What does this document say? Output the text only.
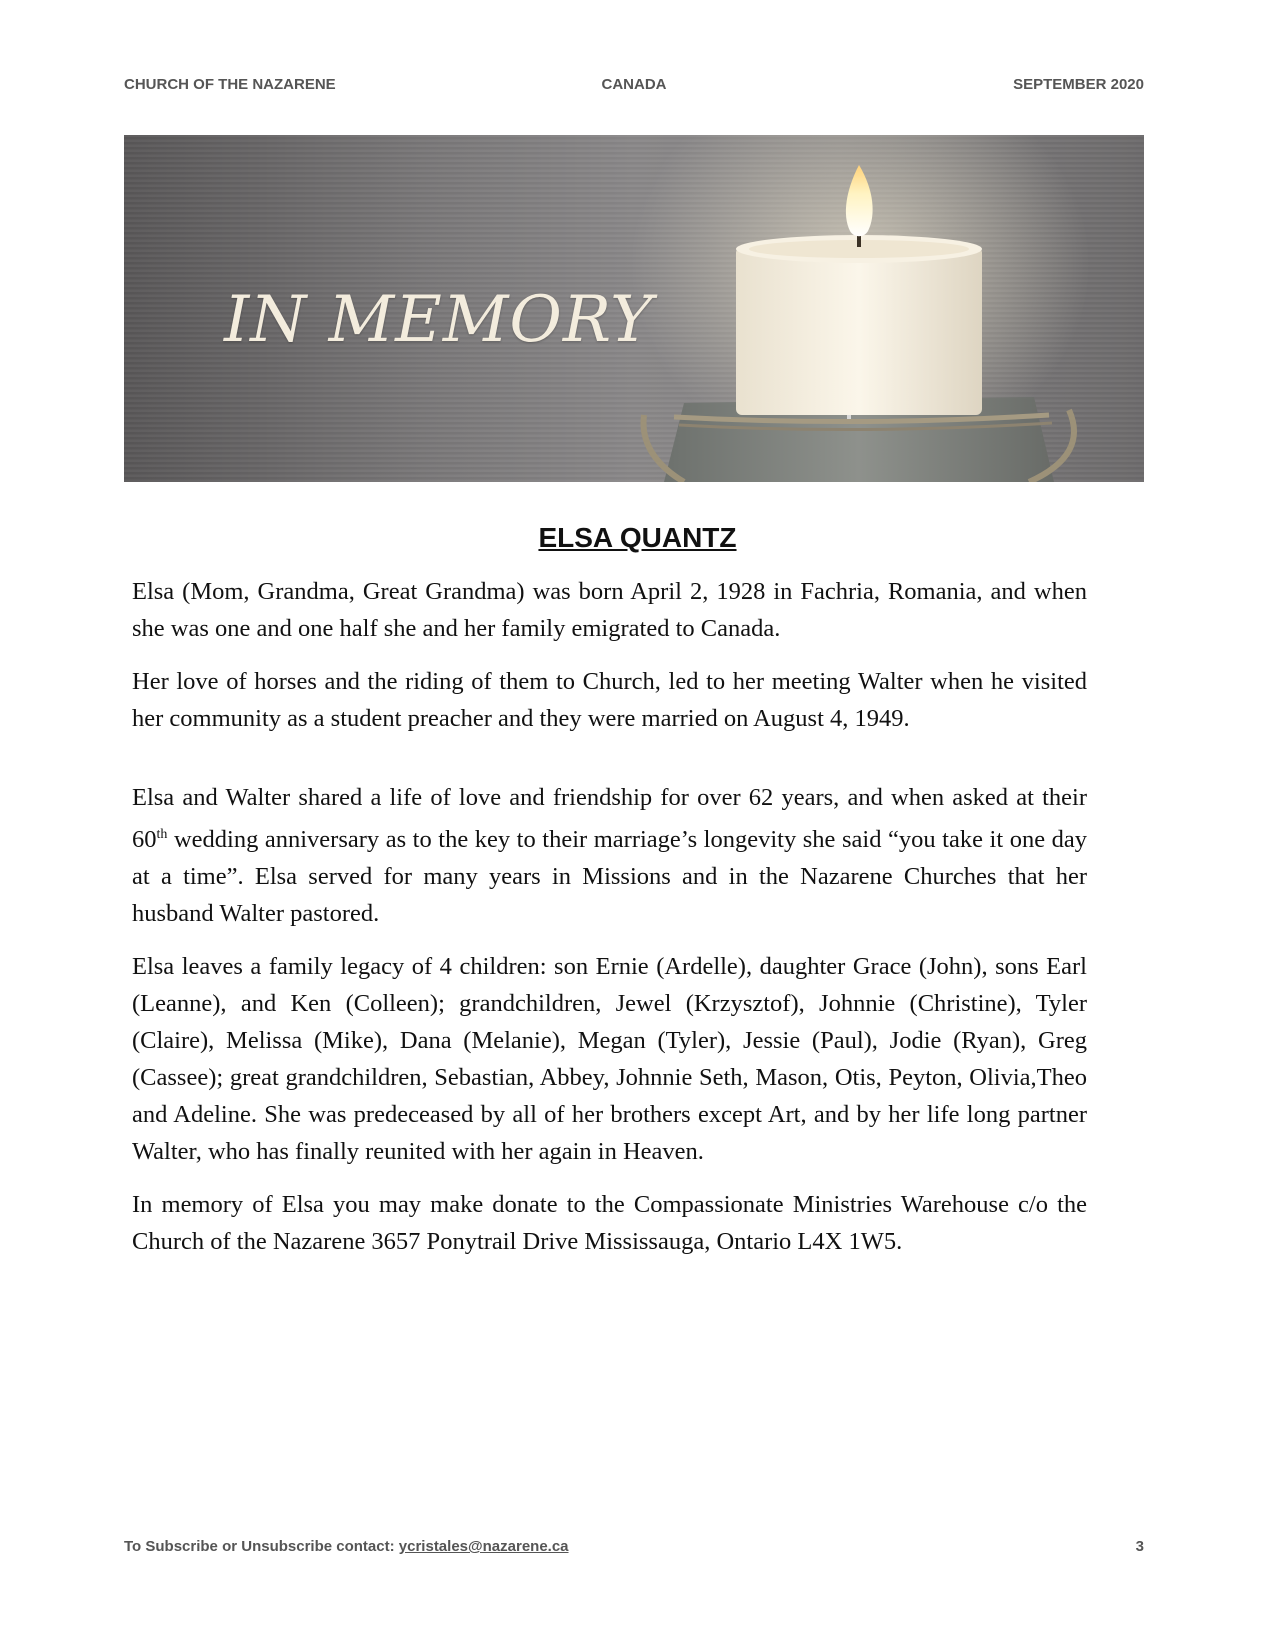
CHURCH OF THE NAZARENE	CANADA	SEPTEMBER 2020
IN MEMORY
ELSA QUANTZ

Elsa (Mom, Grandma, Great Grandma) was born April 2, 1928 in Fachria, Romania, and when she was one and one half she and her family emigrated to Canada.

Her love of horses and the riding of them to Church, led to her meeting Walter when he visited her community as a student preacher and they were married on August 4, 1949.

Elsa and Walter shared a life of love and friendship for over 62 years, and when asked at their 60th wedding anniversary as to the key to their marriage’s longevity she said “you take it one day at a time”. Elsa served for many years in Missions and in the Nazarene Churches that her husband Walter pastored.

Elsa leaves a family legacy of 4 children: son Ernie (Ardelle), daughter Grace (John), sons Earl (Leanne), and Ken (Colleen); grandchildren, Jewel (Krzysztof), Johnnie (Christine), Tyler (Claire), Melissa (Mike), Dana (Melanie), Megan (Tyler), Jessie (Paul), Jodie (Ryan), Greg (Cassee); great grandchildren, Sebastian, Abbey, Johnnie Seth, Mason, Otis, Peyton, Olivia,Theo and Adeline. She was predeceased by all of her brothers except Art, and by her life long partner Walter, who has finally reunited with her again in Heaven.

In memory of Elsa you may make donate to the Compassionate Ministries Warehouse c/o the Church of the Nazarene 3657 Ponytrail Drive Mississauga, Ontario L4X 1W5.

To Subscribe or Unsubscribe contact: ycristales@nazarene.ca	3
